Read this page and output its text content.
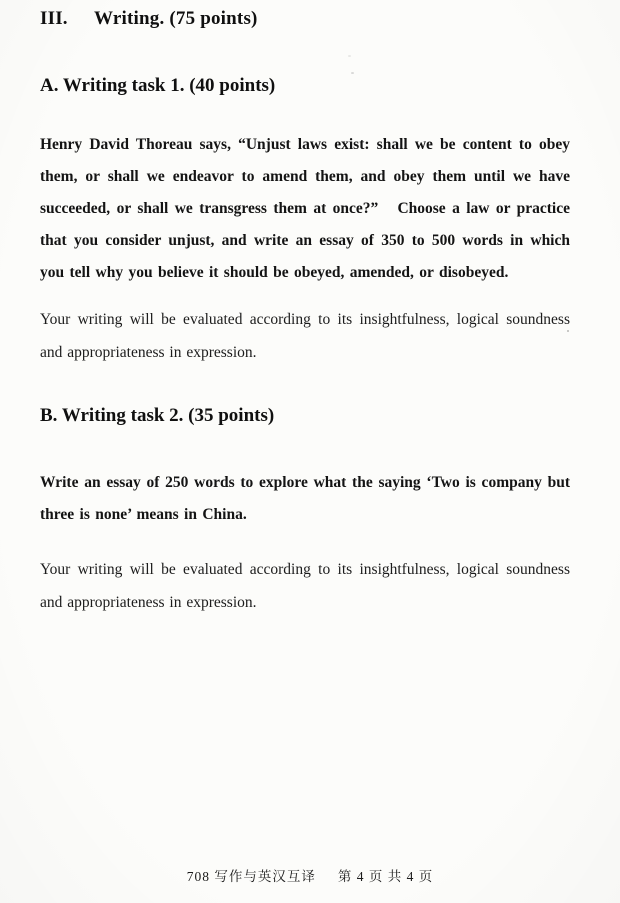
III. Writing. (75 points)
A. Writing task 1. (40 points)

Henry David Thoreau says, “Unjust laws exist: shall we be content to obey them, or shall we endeavor to amend them, and obey them until we have succeeded, or shall we transgress them at once?”   Choose a law or practice that you consider unjust, and write an essay of 350 to 500 words in which you tell why you believe it should be obeyed, amended, or disobeyed.

Your writing will be evaluated according to its insightfulness, logical soundness and appropriateness in expression.

B. Writing task 2. (35 points)

Write an essay of 250 words to explore what the saying ‘Two is company but three is none’ means in China.

Your writing will be evaluated according to its insightfulness, logical soundness and appropriateness in expression.

708 写作与英汉互译 第 4 页 共 4 页
